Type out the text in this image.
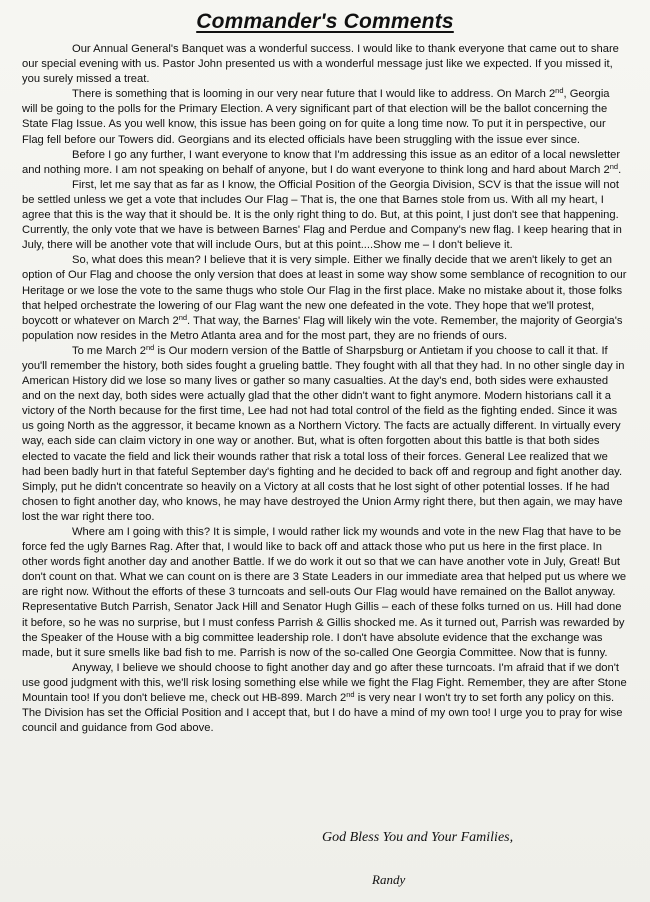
Commander's Comments

Our Annual General's Banquet was a wonderful success. I would like to thank everyone that came out to share our special evening with us. Pastor John presented us with a wonderful message just like we expected. If you missed it, you surely missed a treat.

There is something that is looming in our very near future that I would like to address. On March 2nd, Georgia will be going to the polls for the Primary Election. A very significant part of that election will be the ballot concerning the State Flag Issue. As you well know, this issue has been going on for quite a long time now. To put it in perspective, our Flag fell before our Towers did. Georgians and its elected officials have been struggling with the issue ever since.

Before I go any further, I want everyone to know that I'm addressing this issue as an editor of a local newsletter and nothing more. I am not speaking on behalf of anyone, but I do want everyone to think long and hard about March 2nd.

First, let me say that as far as I know, the Official Position of the Georgia Division, SCV is that the issue will not be settled unless we get a vote that includes Our Flag – That is, the one that Barnes stole from us. With all my heart, I agree that this is the way that it should be. It is the only right thing to do. But, at this point, I just don't see that happening. Currently, the only vote that we have is between Barnes' Flag and Perdue and Company's new flag. I keep hearing that in July, there will be another vote that will include Ours, but at this point....Show me – I don't believe it.

So, what does this mean? I believe that it is very simple. Either we finally decide that we aren't likely to get an option of Our Flag and choose the only version that does at least in some way show some semblance of recognition to our Heritage or we lose the vote to the same thugs who stole Our Flag in the first place. Make no mistake about it, those folks that helped orchestrate the lowering of our Flag want the new one defeated in the vote. They hope that we'll protest, boycott or whatever on March 2nd. That way, the Barnes' Flag will likely win the vote. Remember, the majority of Georgia's population now resides in the Metro Atlanta area and for the most part, they are no friends of ours.

To me March 2nd is Our modern version of the Battle of Sharpsburg or Antietam if you choose to call it that. If you'll remember the history, both sides fought a grueling battle. They fought with all that they had. In no other single day in American History did we lose so many lives or gather so many casualties. At the day's end, both sides were exhausted and on the next day, both sides were actually glad that the other didn't want to fight anymore. Modern historians call it a victory of the North because for the first time, Lee had not had total control of the field as the fighting ended. Since it was us going North as the aggressor, it became known as a Northern Victory. The facts are actually different. In virtually every way, each side can claim victory in one way or another. But, what is often forgotten about this battle is that both sides elected to vacate the field and lick their wounds rather that risk a total loss of their forces. General Lee realized that we had been badly hurt in that fateful September day's fighting and he decided to back off and regroup and fight another day. Simply, put he didn't concentrate so heavily on a Victory at all costs that he lost sight of other potential losses. If he had chosen to fight another day, who knows, he may have destroyed the Union Army right there, but then again, we may have lost the war right there too.

Where am I going with this? It is simple, I would rather lick my wounds and vote in the new Flag that have to be force fed the ugly Barnes Rag. After that, I would like to back off and attack those who put us here in the first place. In other words fight another day and another Battle. If we do work it out so that we can have another vote in July, Great! But don't count on that. What we can count on is there are 3 State Leaders in our immediate area that helped put us where we are right now. Without the efforts of these 3 turncoats and sell-outs Our Flag would have remained on the Ballot anyway. Representative Butch Parrish, Senator Jack Hill and Senator Hugh Gillis – each of these folks turned on us. Hill had done it before, so he was no surprise, but I must confess Parrish & Gillis shocked me. As it turned out, Parrish was rewarded by the Speaker of the House with a big committee leadership role. I don't have absolute evidence that the exchange was made, but it sure smells like bad fish to me. Parrish is now of the so-called One Georgia Committee. Now that is funny.

Anyway, I believe we should choose to fight another day and go after these turncoats. I'm afraid that if we don't use good judgment with this, we'll risk losing something else while we fight the Flag Fight. Remember, they are after Stone Mountain too! If you don't believe me, check out HB-899. March 2nd is very near I won't try to set forth any policy on this. The Division has set the Official Position and I accept that, but I do have a mind of my own too! I urge you to pray for wise council and guidance from God above.

God Bless You and Your Families,
Randy
